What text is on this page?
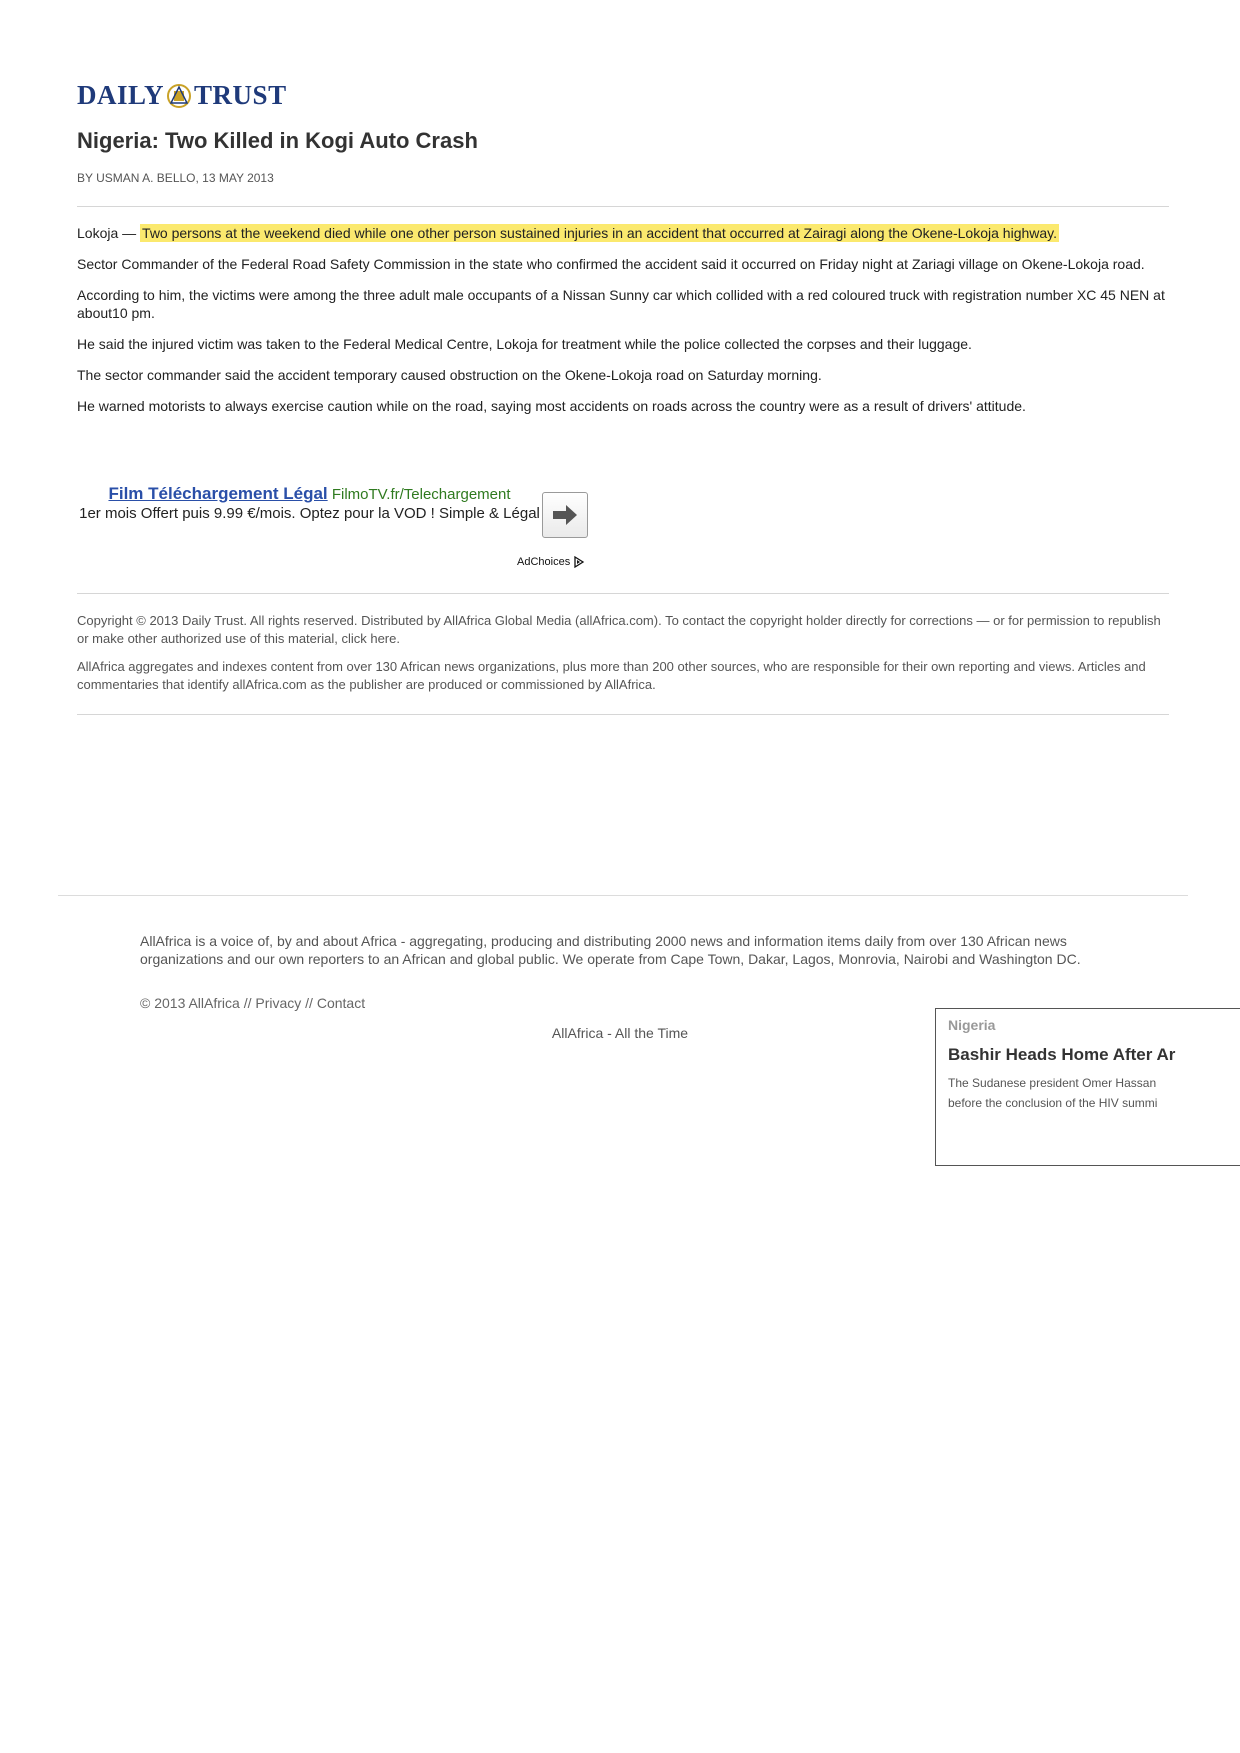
DAILY TRUST
Nigeria: Two Killed in Kogi Auto Crash
BY USMAN A. BELLO, 13 MAY 2013

Lokoja — Two persons at the weekend died while one other person sustained injuries in an accident that occurred at Zairagi along the Okene-Lokoja highway.

Sector Commander of the Federal Road Safety Commission in the state who confirmed the accident said it occurred on Friday night at Zariagi village on Okene-Lokoja road.

According to him, the victims were among the three adult male occupants of a Nissan Sunny car which collided with a red coloured truck with registration number XC 45 NEN at about10 pm.

He said the injured victim was taken to the Federal Medical Centre, Lokoja for treatment while the police collected the corpses and their luggage.

The sector commander said the accident temporary caused obstruction on the Okene-Lokoja road on Saturday morning.

He warned motorists to always exercise caution while on the road, saying most accidents on roads across the country were as a result of drivers' attitude.

Film Téléchargement Légal FilmoTV.fr/Telechargement
1er mois Offert puis 9.99 €/mois. Optez pour la VOD ! Simple & Légal
AdChoices

Copyright © 2013 Daily Trust. All rights reserved. Distributed by AllAfrica Global Media (allAfrica.com). To contact the copyright holder directly for corrections — or for permission to republish or make other authorized use of this material, click here.

AllAfrica aggregates and indexes content from over 130 African news organizations, plus more than 200 other sources, who are responsible for their own reporting and views. Articles and commentaries that identify allAfrica.com as the publisher are produced or commissioned by AllAfrica.

AllAfrica is a voice of, by and about Africa - aggregating, producing and distributing 2000 news and information items daily from over 130 African news organizations and our own reporters to an African and global public. We operate from Cape Town, Dakar, Lagos, Monrovia, Nairobi and Washington DC.
© 2013 AllAfrica // Privacy // Contact
AllAfrica - All the Time	Nigeria
Bashir Heads Home After Ar
The Sudanese president Omer Hassan
before the conclusion of the HIV summi
